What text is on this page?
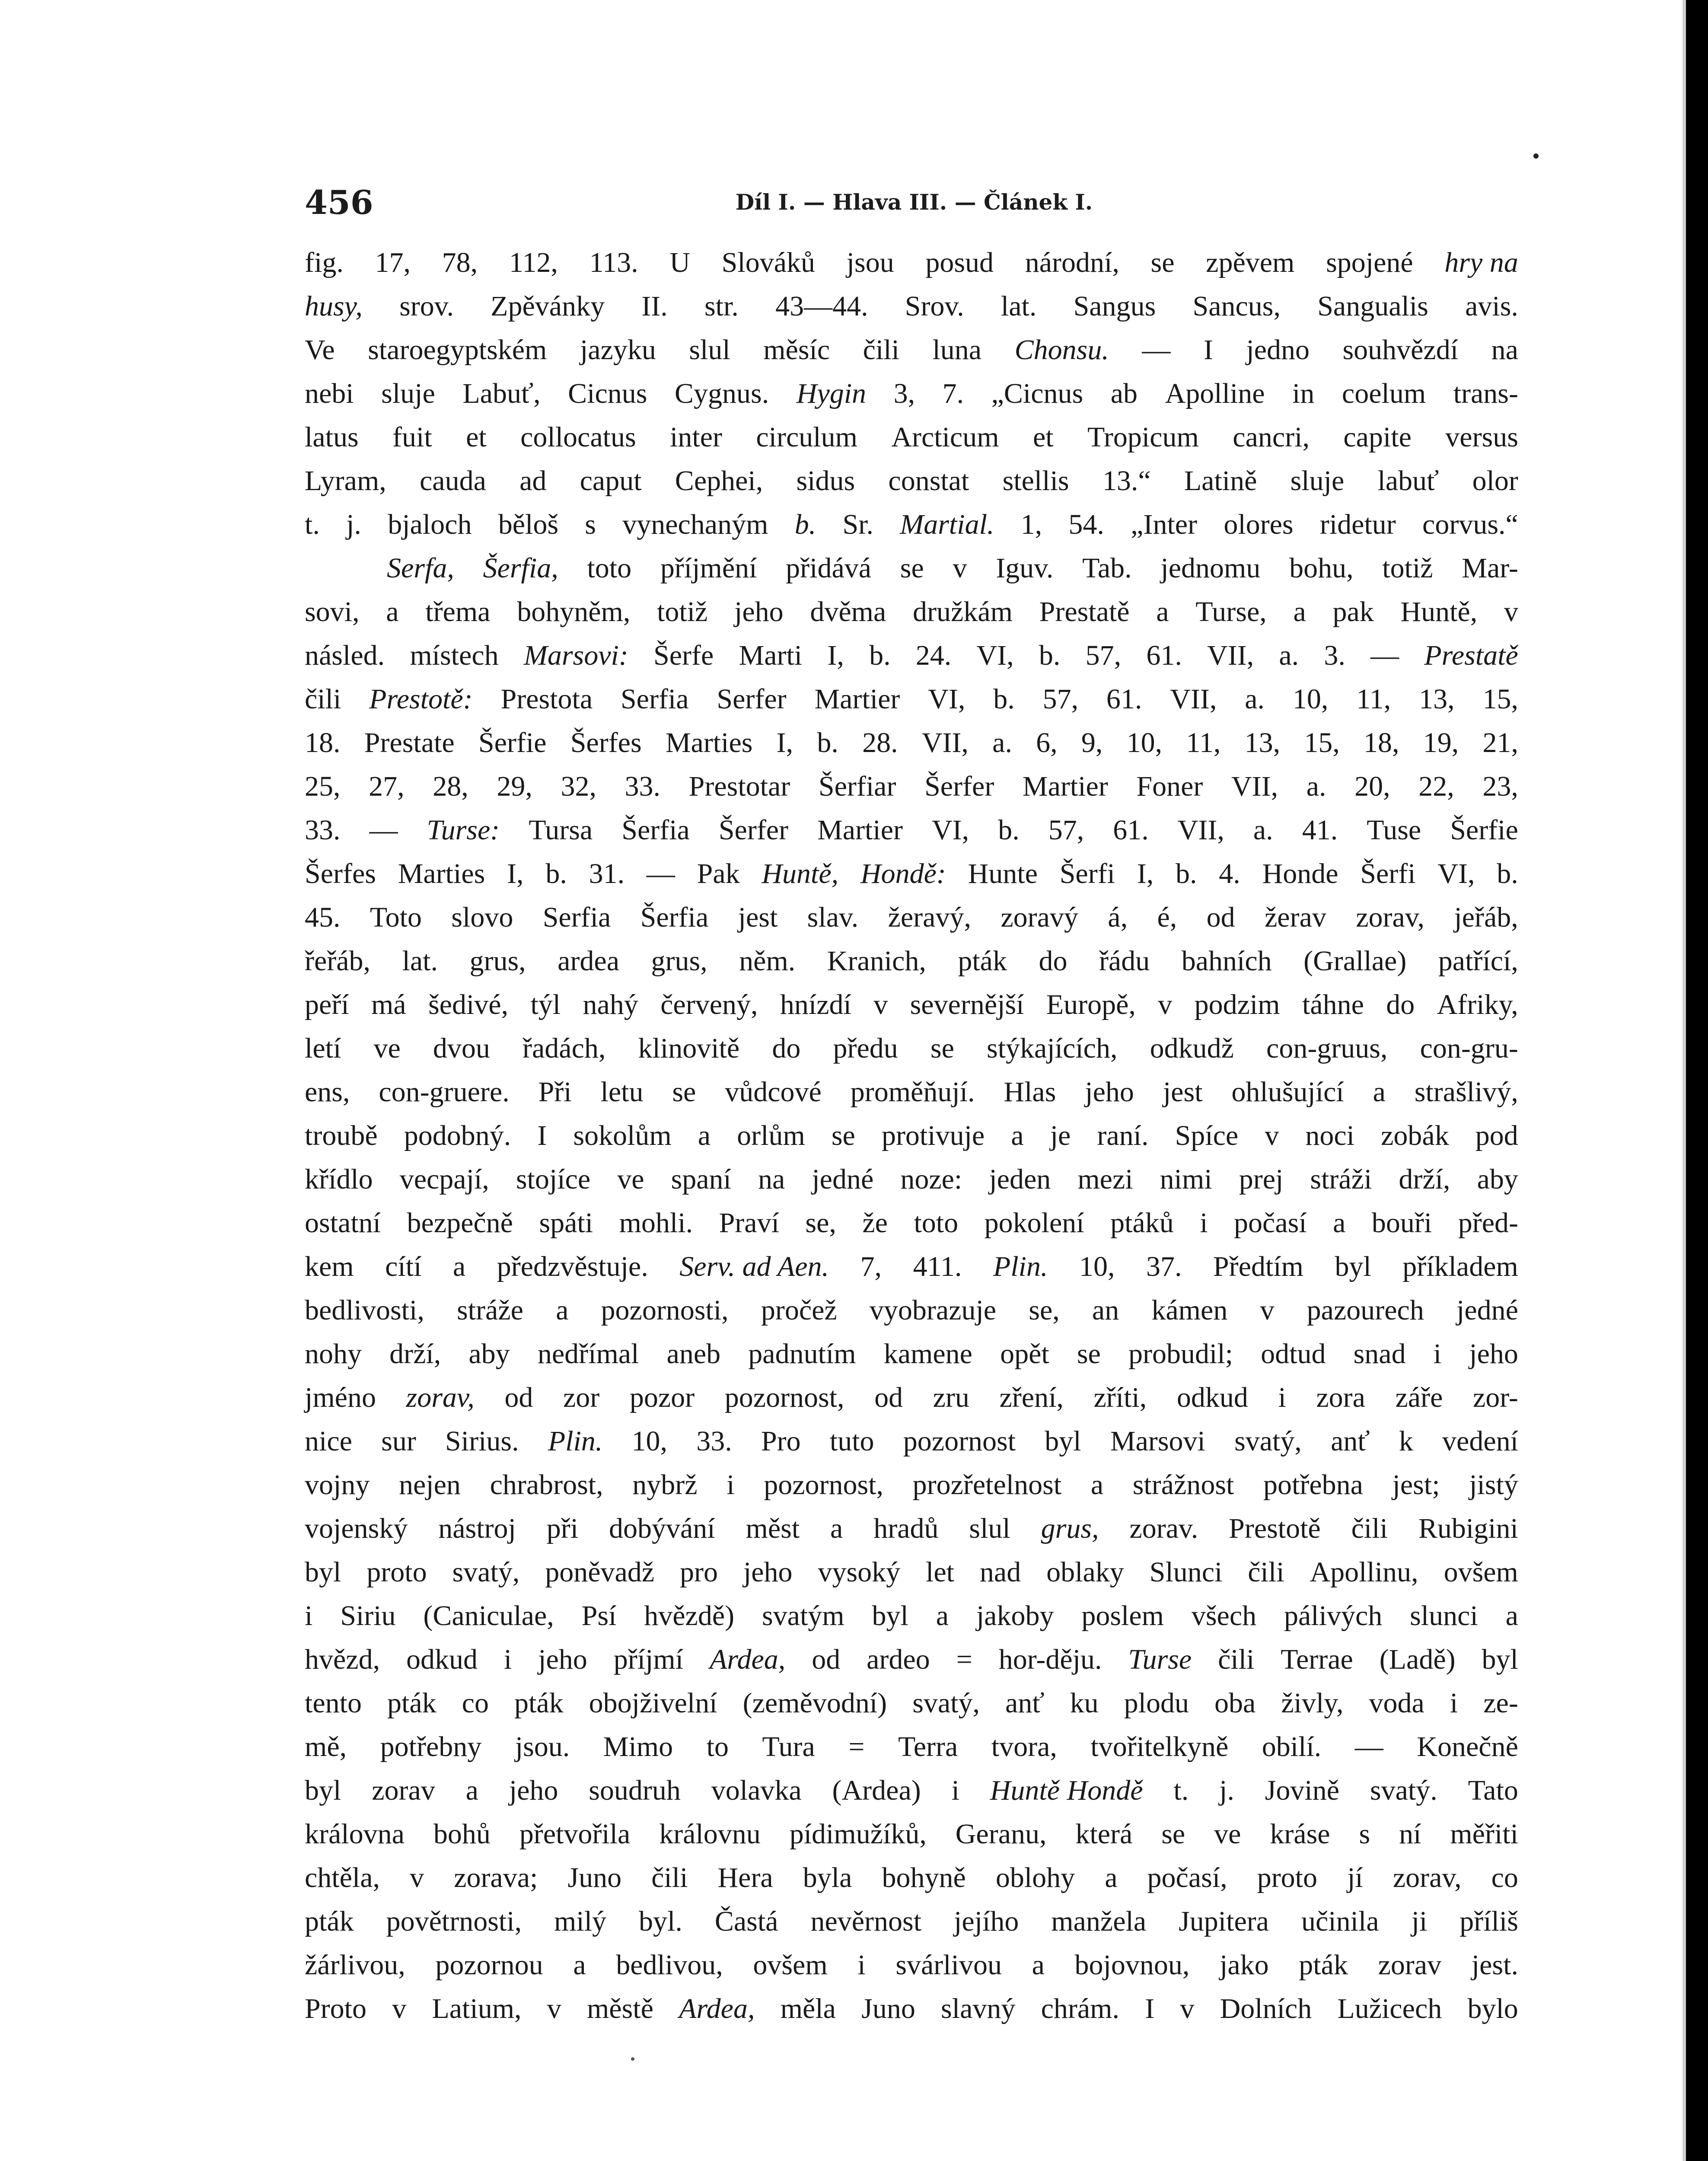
456	Díl I. — Hlava III. — Článek I.
fig. 17, 78, 112, 113. U Slováků jsou posud národní, se zpěvem spojené hry na
husy, srov. Zpěvánky II. str. 43—44. Srov. lat. Sangus Sancus, Sangualis avis.
Ve staroegyptském jazyku slul měsíc čili luna Chonsu. — I jedno souhvězdí na
nebi sluje Labuť, Cicnus Cygnus. Hygin 3, 7. „Cicnus ab Apolline in coelum trans-
latus fuit et collocatus inter circulum Arcticum et Tropicum cancri, capite versus
Lyram, cauda ad caput Cephei, sidus constat stellis 13.“ Latině sluje labuť olor
t. j. bjaloch běloš s vynechaným b. Sr. Martial. 1, 54. „Inter olores ridetur corvus.“
Serfa, Šerfia, toto příjmění přidává se v Iguv. Tab. jednomu bohu, totiž Mar-
sovi, a třema bohyněm, totiž jeho dvěma družkám Prestatě a Turse, a pak Huntě, v
násled. místech Marsovi: Šerfe Marti I, b. 24. VI, b. 57, 61. VII, a. 3. — Prestatě
čili Prestotě: Prestota Serfia Serfer Martier VI, b. 57, 61. VII, a. 10, 11, 13, 15,
18. Prestate Šerfie Šerfes Marties I, b. 28. VII, a. 6, 9, 10, 11, 13, 15, 18, 19, 21,
25, 27, 28, 29, 32, 33. Prestotar Šerfiar Šerfer Martier Foner VII, a. 20, 22, 23,
33. — Turse: Tursa Šerfia Šerfer Martier VI, b. 57, 61. VII, a. 41. Tuse Šerfie
Šerfes Marties I, b. 31. — Pak Huntě, Hondě: Hunte Šerfi I, b. 4. Honde Šerfi VI, b.
45. Toto slovo Serfia Šerfia jest slav. žeravý, zoravý á, é, od žerav zorav, jeřáb,
řeřáb, lat. grus, ardea grus, něm. Kranich, pták do řádu bahních (Grallae) patřící,
peří má šedivé, týl nahý červený, hnízdí v severnější Europě, v podzim táhne do Afriky,
letí ve dvou řadách, klinovitě do předu se stýkajících, odkudž con-gruus, con-gru-
ens, con-gruere. Při letu se vůdcové proměňují. Hlas jeho jest ohlušující a strašlivý,
troubě podobný. I sokolům a orlům se protivuje a je raní. Spíce v noci zobák pod
křídlo vecpají, stojíce ve spaní na jedné noze: jeden mezi nimi prej stráži drží, aby
ostatní bezpečně spáti mohli. Praví se, že toto pokolení ptáků i počasí a bouři před-
kem cítí a předzvěstuje. Serv. ad Aen. 7, 411. Plin. 10, 37. Předtím byl příkladem
bedlivosti, stráže a pozornosti, pročež vyobrazuje se, an kámen v pazourech jedné
nohy drží, aby nedřímal aneb padnutím kamene opět se probudil; odtud snad i jeho
jméno zorav, od zor pozor pozornost, od zru zření, zříti, odkud i zora záře zor-
nice sur Sirius. Plin. 10, 33. Pro tuto pozornost byl Marsovi svatý, anť k vedení
vojny nejen chrabrost, nybrž i pozornost, prozřetelnost a strážnost potřebna jest; jistý
vojenský nástroj při dobývání měst a hradů slul grus, zorav. Prestotě čili Rubigini
byl proto svatý, poněvadž pro jeho vysoký let nad oblaky Slunci čili Apollinu, ovšem
i Siriu (Caniculae, Psí hvězdě) svatým byl a jakoby poslem všech pálivých slunci a
hvězd, odkud i jeho příjmí Ardea, od ardeo = hor-děju. Turse čili Terrae (Ladě) byl
tento pták co pták obojživelní (zeměvodní) svatý, anť ku plodu oba živly, voda i ze-
mě, potřebny jsou. Mimo to Tura = Terra tvora, tvořitelkyně obilí. — Konečně
byl zorav a jeho soudruh volavka (Ardea) i Huntě Hondě t. j. Jovině svatý. Tato
královna bohů přetvořila královnu pídimužíků, Geranu, která se ve kráse s ní měřiti
chtěla, v zorava; Juno čili Hera byla bohyně oblohy a počasí, proto jí zorav, co
pták povětrnosti, milý byl. Častá nevěrnost jejího manžela Jupitera učinila ji příliš
žárlivou, pozornou a bedlivou, ovšem i svárlivou a bojovnou, jako pták zorav jest.
Proto v Latium, v městě Ardea, měla Juno slavný chrám. I v Dolních Lužicech bylo
